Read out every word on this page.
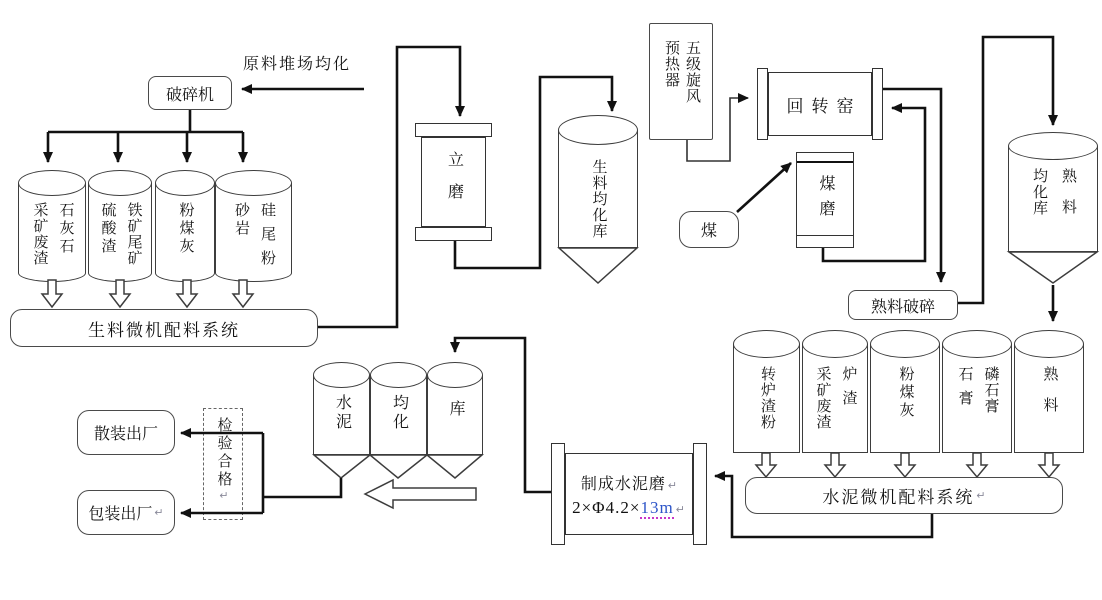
原料堆场均化
破碎机
采矿废渣 石灰石 硫酸渣 铁矿尾矿 粉煤灰	砂岩 硅尾粉
生料微机配料系统
立磨	生料均化库
预热器 五级旋风
回转窑
煤
煤磨
熟料破碎
均化库 熟料
转炉渣粉	采矿废渣 炉渣	粉煤灰	石膏 磷石膏	熟料
水泥微机配料系统 ↵
制成水泥磨 ↵
2×Φ4.2×13m ↵
水泥	均化 库
检验合格
↵
散装出厂
包装出厂 ↵
